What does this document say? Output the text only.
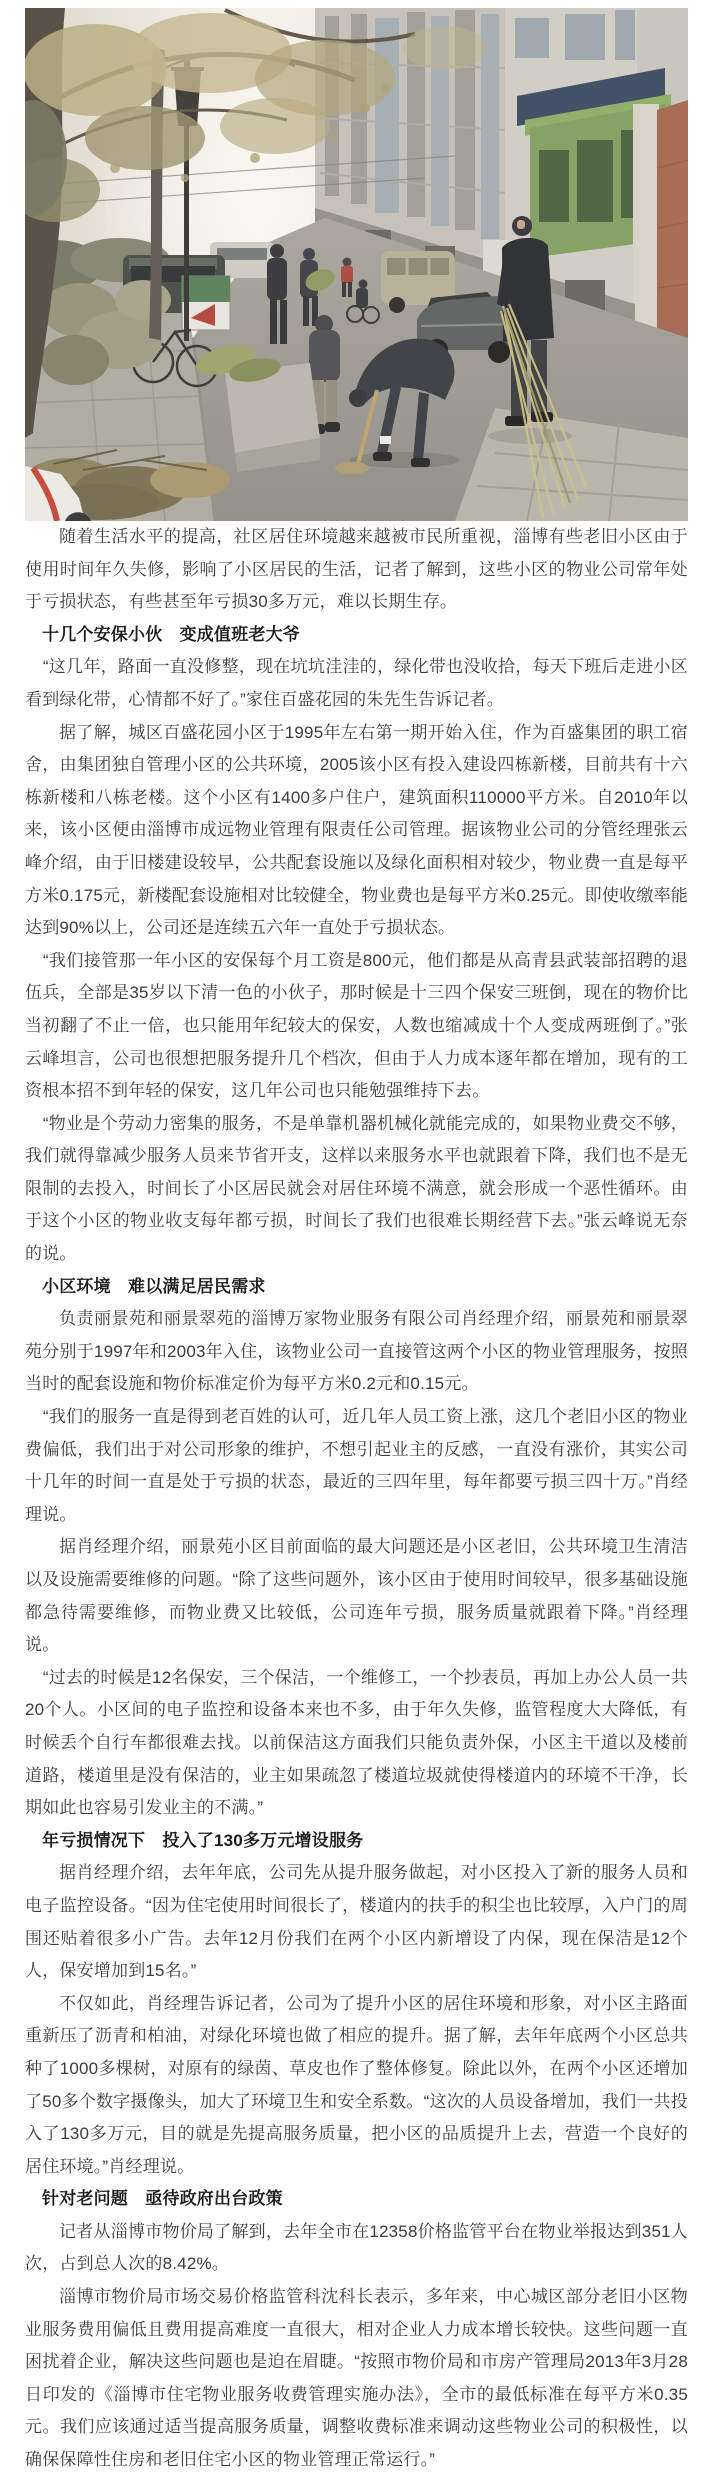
随着生活水平的提高，社区居住环境越来越被市民所重视，淄博有些老旧小区由于使用时间年久失修，影响了小区居民的生活，记者了解到，这些小区的物业公司常年处于亏损状态，有些甚至年亏损30多万元，难以长期生存。

十几个安保小伙　变成值班老大爷

“这几年，路面一直没修整，现在坑坑洼洼的，绿化带也没收拾，每天下班后走进小区看到绿化带，心情都不好了。”家住百盛花园的朱先生告诉记者。

据了解，城区百盛花园小区于1995年左右第一期开始入住，作为百盛集团的职工宿舍，由集团独自管理小区的公共环境，2005该小区有投入建设四栋新楼，目前共有十六栋新楼和八栋老楼。这个小区有1400多户住户，建筑面积110000平方米。自2010年以来，该小区便由淄博市成远物业管理有限责任公司管理。据该物业公司的分管经理张云峰介绍，由于旧楼建设较早，公共配套设施以及绿化面积相对较少，物业费一直是每平方米0.175元，新楼配套设施相对比较健全，物业费也是每平方米0.25元。即使收缴率能达到90%以上，公司还是连续五六年一直处于亏损状态。

“我们接管那一年小区的安保每个月工资是800元，他们都是从高青县武装部招聘的退伍兵，全部是35岁以下清一色的小伙子，那时候是十三四个保安三班倒，现在的物价比当初翻了不止一倍，也只能用年纪较大的保安，人数也缩减成十个人变成两班倒了。”张云峰坦言，公司也很想把服务提升几个档次，但由于人力成本逐年都在增加，现有的工资根本招不到年轻的保安，这几年公司也只能勉强维持下去。

“物业是个劳动力密集的服务，不是单靠机器机械化就能完成的，如果物业费交不够，我们就得靠减少服务人员来节省开支，这样以来服务水平也就跟着下降，我们也不是无限制的去投入，时间长了小区居民就会对居住环境不满意，就会形成一个恶性循环。由于这个小区的物业收支每年都亏损，时间长了我们也很难长期经营下去。”张云峰说无奈的说。

小区环境　难以满足居民需求

负责丽景苑和丽景翠苑的淄博万家物业服务有限公司肖经理介绍，丽景苑和丽景翠苑分别于1997年和2003年入住，该物业公司一直接管这两个小区的物业管理服务，按照当时的配套设施和物价标准定价为每平方米0.2元和0.15元。

“我们的服务一直是得到老百姓的认可，近几年人员工资上涨，这几个老旧小区的物业费偏低，我们出于对公司形象的维护，不想引起业主的反感，一直没有涨价，其实公司十几年的时间一直是处于亏损的状态，最近的三四年里，每年都要亏损三四十万。”肖经理说。

据肖经理介绍，丽景苑小区目前面临的最大问题还是小区老旧，公共环境卫生清洁以及设施需要维修的问题。“除了这些问题外，该小区由于使用时间较早，很多基础设施都急待需要维修，而物业费又比较低，公司连年亏损，服务质量就跟着下降。”肖经理说。

“过去的时候是12名保安，三个保洁，一个维修工，一个抄表员，再加上办公人员一共20个人。小区间的电子监控和设备本来也不多，由于年久失修，监管程度大大降低，有时候丢个自行车都很难去找。以前保洁这方面我们只能负责外保，小区主干道以及楼前道路，楼道里是没有保洁的，业主如果疏忽了楼道垃圾就使得楼道内的环境不干净，长期如此也容易引发业主的不满。”

年亏损情况下　投入了130多万元增设服务

据肖经理介绍，去年年底，公司先从提升服务做起，对小区投入了新的服务人员和电子监控设备。“因为住宅使用时间很长了，楼道内的扶手的积尘也比较厚，入户门的周围还贴着很多小广告。去年12月份我们在两个小区内新增设了内保，现在保洁是12个人，保安增加到15名。”

不仅如此，肖经理告诉记者，公司为了提升小区的居住环境和形象，对小区主路面重新压了沥青和柏油，对绿化环境也做了相应的提升。据了解，去年年底两个小区总共种了1000多棵树，对原有的绿茵、草皮也作了整体修复。除此以外，在两个小区还增加了50多个数字摄像头，加大了环境卫生和安全系数。“这次的人员设备增加，我们一共投入了130多万元，目的就是先提高服务质量，把小区的品质提升上去，营造一个良好的居住环境。”肖经理说。

针对老问题　亟待政府出台政策

记者从淄博市物价局了解到，去年全市在12358价格监管平台在物业举报达到351人次，占到总人次的8.42%。

淄博市物价局市场交易价格监管科沈科长表示，多年来，中心城区部分老旧小区物业服务费用偏低且费用提高难度一直很大，相对企业人力成本增长较快。这些问题一直困扰着企业，解决这些问题也是迫在眉睫。“按照市物价局和市房产管理局2013年3月28日印发的《淄博市住宅物业服务收费管理实施办法》，全市的最低标准在每平方米0.35元。我们应该通过适当提高服务质量，调整收费标准来调动这些物业公司的积极性，以确保保障性住房和老旧住宅小区的物业管理正常运行。”
